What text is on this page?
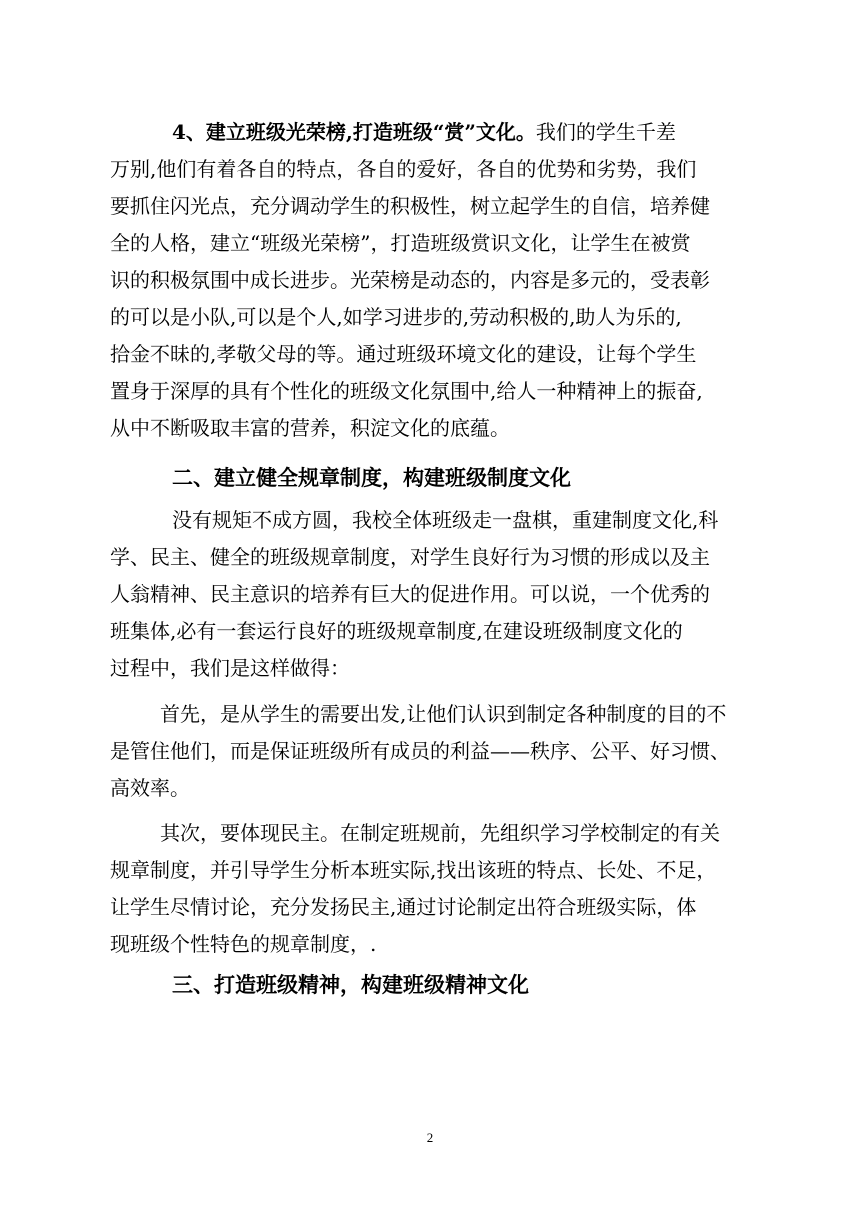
4、建立班级光荣榜,打造班级“赏”文化。我们的学生千差
万别,他们有着各自的特点，各自的爱好，各自的优势和劣势，我们
要抓住闪光点，充分调动学生的积极性，树立起学生的自信，培养健
全的人格，建立“班级光荣榜”，打造班级赏识文化，让学生在被赏
识的积极氛围中成长进步。光荣榜是动态的，内容是多元的，受表彰
的可以是小队,可以是个人,如学习进步的,劳动积极的,助人为乐的,
拾金不昧的,孝敬父母的等。通过班级环境文化的建设，让每个学生
置身于深厚的具有个性化的班级文化氛围中,给人一种精神上的振奋,
从中不断吸取丰富的营养，积淀文化的底蕴。
二、建立健全规章制度，构建班级制度文化
没有规矩不成方圆，我校全体班级走一盘棋，重建制度文化,科
学、民主、健全的班级规章制度，对学生良好行为习惯的形成以及主
人翁精神、民主意识的培养有巨大的促进作用。可以说，一个优秀的
班集体,必有一套运行良好的班级规章制度,在建设班级制度文化的
过程中，我们是这样做得：
首先，是从学生的需要出发,让他们认识到制定各种制度的目的不
是管住他们，而是保证班级所有成员的利益——秩序、公平、好习惯、
高效率。
其次，要体现民主。在制定班规前，先组织学习学校制定的有关
规章制度，并引导学生分析本班实际,找出该班的特点、长处、不足，
让学生尽情讨论，充分发扬民主,通过讨论制定出符合班级实际，体
现班级个性特色的规章制度，.
三、打造班级精神，构建班级精神文化
2
